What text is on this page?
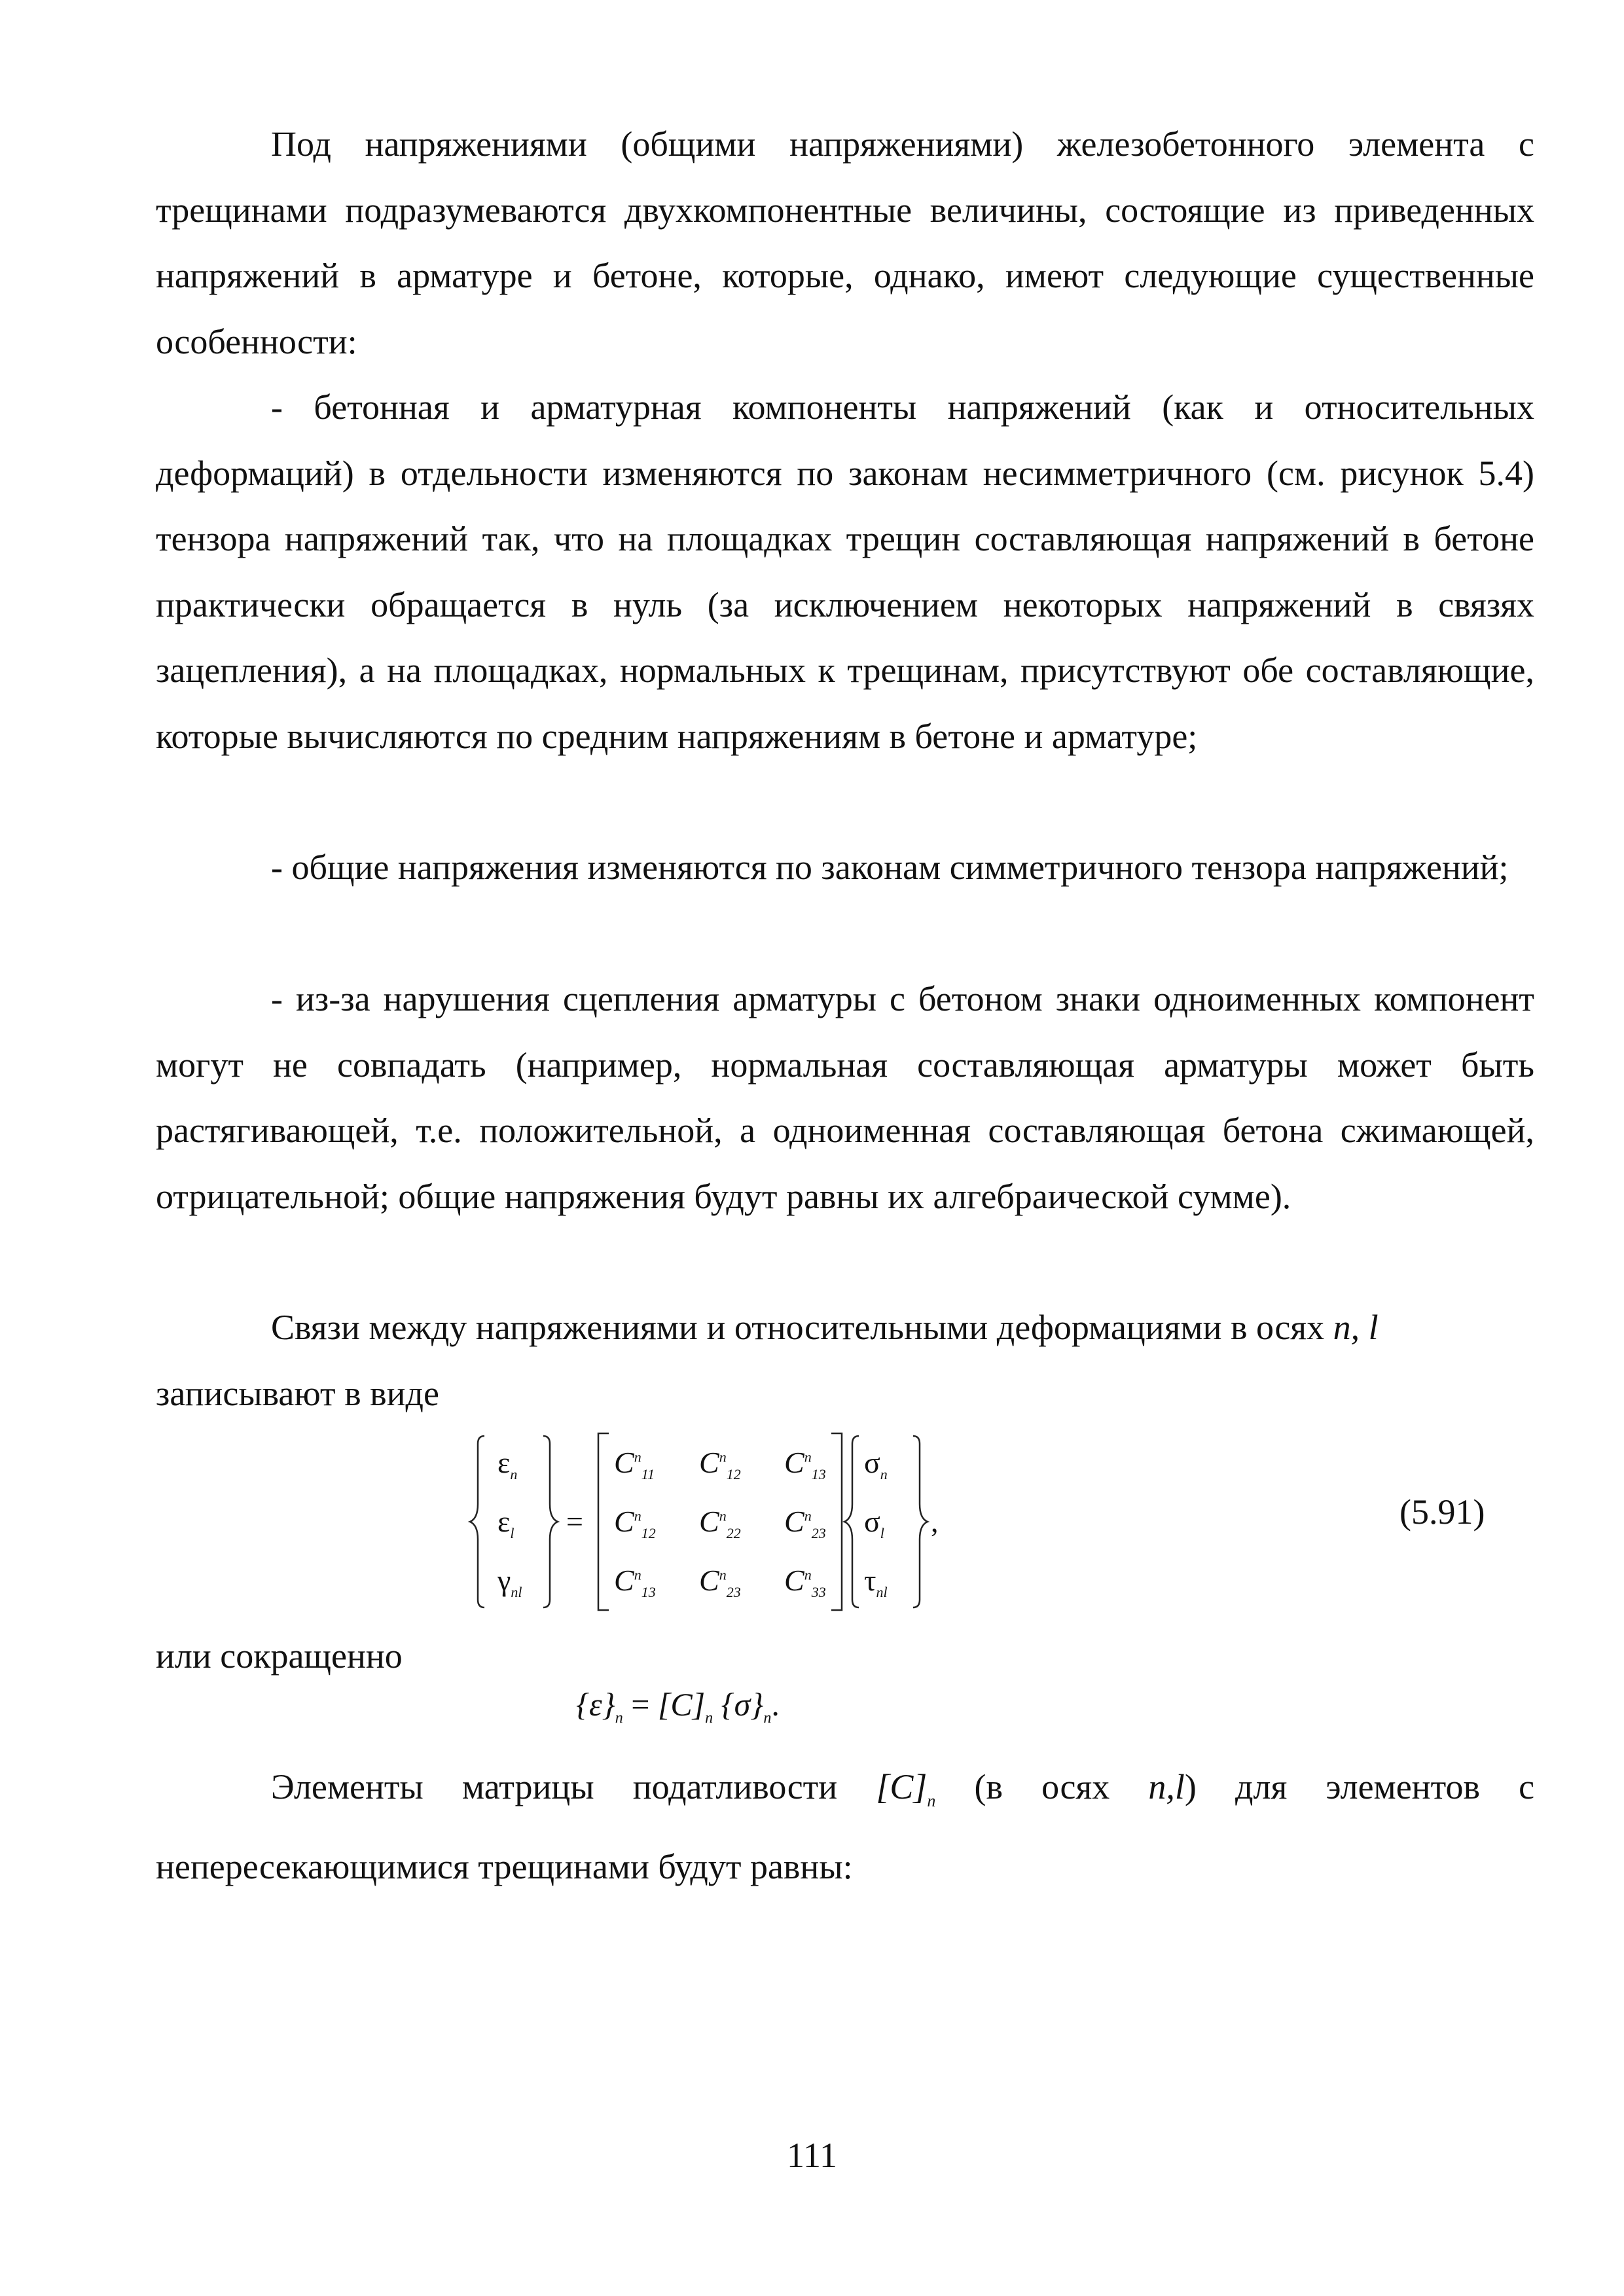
Под напряжениями (общими напряжениями) железобетонного элемента с трещинами подразумеваются двухкомпонентные величины, состоящие из приведенных напряжений в арматуре и бетоне, которые, однако, имеют следующие существенные особенности:

- бетонная и арматурная компоненты напряжений (как и относительных деформаций) в отдельности изменяются по законам несимметричного (см. рисунок 5.4) тензора напряжений так, что на площадках трещин составляющая напряжений в бетоне практически обращается в нуль (за исключением некоторых напряжений в связях зацепления), а на площадках, нормальных к трещинам, присутствуют обе составляющие, которые вычисляются по средним напряжениям в бетоне и арматуре;

- общие напряжения изменяются по законам симметричного тензора напряжений;

- из-за нарушения сцепления арматуры с бетоном знаки одноименных компонент могут не совпадать (например, нормальная составляющая арматуры может быть растягивающей, т.е. положительной, а одноименная составляющая бетона сжимающей, отрицательной; общие напряжения будут равны их алгебраической сумме).

Связи между напряжениями и относительными деформациями в осях n, l
записывают в виде

$\varepsilon_n$
$\varepsilon_l$
$\gamma_{nl}$
=
$C^n_{11}$ $C^n_{12}$ $C^n_{13}$
$C^n_{12}$ $C^n_{22}$ $C^n_{23}$
$C^n_{13}$ $C^n_{23}$ $C^n_{33}$
$\sigma_n$
$\sigma_l$
$\tau_{nl}$
,	(5.91)

или сокращенно

$\{\varepsilon\}_n = [C]_n$ $\{\sigma\}_n$.

Элементы матрицы податливости $[C]_n$ (в осях n,l) для элементов с непересекающимися трещинами будут равны:

111
